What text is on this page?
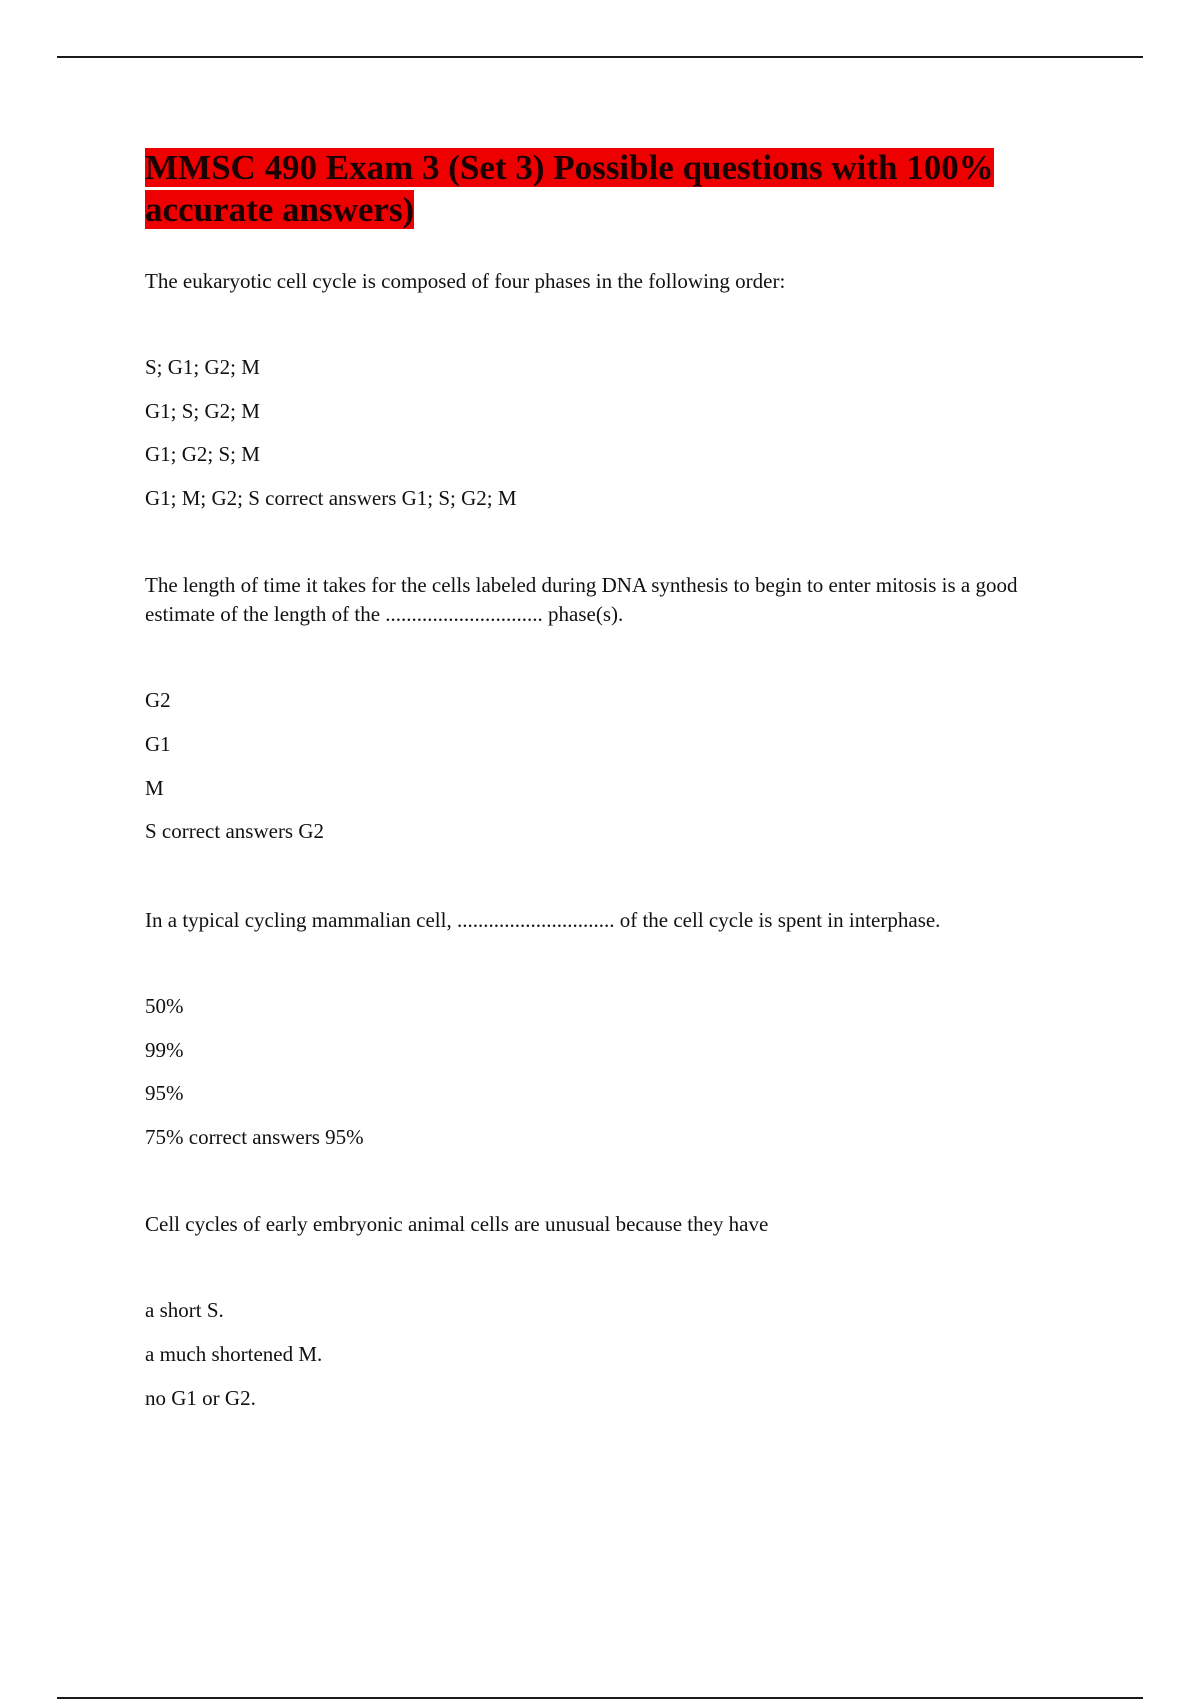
MMSC 490 Exam 3 (Set 3) Possible questions with 100% accurate answers)

The eukaryotic cell cycle is composed of four phases in the following order:

S; G1; G2; M

G1; S; G2; M

G1; G2; S; M

G1; M; G2; S correct answers G1; S; G2; M

The length of time it takes for the cells labeled during DNA synthesis to begin to enter mitosis is a good estimate of the length of the .............................. phase(s).

G2

G1

M

S correct answers G2

In a typical cycling mammalian cell, .............................. of the cell cycle is spent in interphase.

50%

99%

95%

75% correct answers 95%

Cell cycles of early embryonic animal cells are unusual because they have

a short S.

a much shortened M.

no G1 or G2.
